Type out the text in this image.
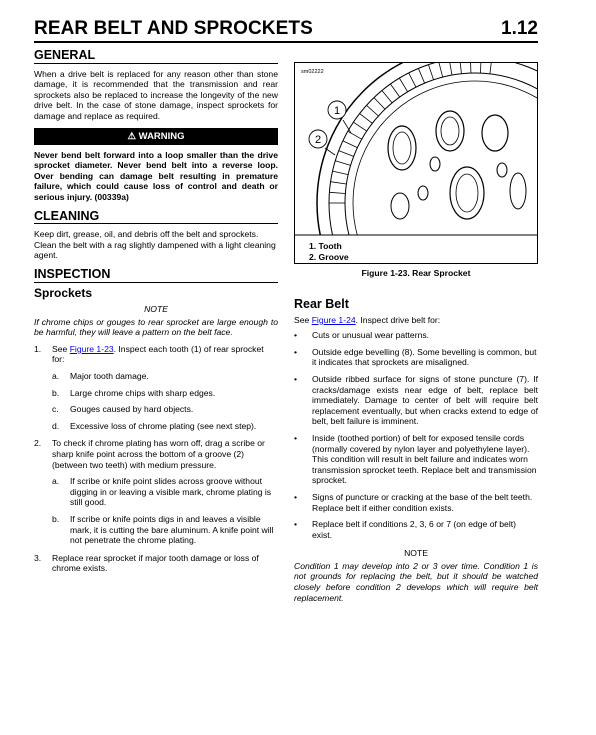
REAR BELT AND SPROCKETS	1.12
GENERAL

When a drive belt is replaced for any reason other than stone damage, it is recommended that the transmission and rear sprockets also be replaced to increase the longevity of the new drive belt. In the case of stone damage, inspect sprockets for damage and replace as required.

⚠ WARNING

Never bend belt forward into a loop smaller than the drive sprocket diameter. Never bend belt into a reverse loop. Over bending can damage belt resulting in premature failure, which could cause loss of control and death or serious injury. (00339a)

CLEANING

Keep dirt, grease, oil, and debris off the belt and sprockets. Clean the belt with a rag slightly dampened with a light cleaning agent.

INSPECTION
Sprockets
NOTE

If chrome chips or gouges to rear sprocket are large enough to be harmful, they will leave a pattern on the belt face.

1. See Figure 1-23. Inspect each tooth (1) of rear sprocket for:
a. Major tooth damage.
b. Large chrome chips with sharp edges.
c. Gouges caused by hard objects.
d. Excessive loss of chrome plating (see next step).
2. To check if chrome plating has worn off, drag a scribe or sharp knife point across the bottom of a groove (2) (between two teeth) with medium pressure.
a. If scribe or knife point slides across groove without digging in or leaving a visible mark, chrome plating is still good.
b. If scribe or knife points digs in and leaves a visible mark, it is cutting the bare aluminum. A knife point will not penetrate the chrome plating.
3. Replace rear sprocket if major tooth damage or loss of chrome exists.
sm02222
1
2
1. Tooth
2. Groove
Figure 1-23. Rear Sprocket
Rear Belt

See Figure 1-24. Inspect drive belt for:

• Cuts or unusual wear patterns.
• Outside edge bevelling (8). Some bevelling is common, but it indicates that sprockets are misaligned.
• Outside ribbed surface for signs of stone puncture (7). If cracks/damage exists near edge of belt, replace belt immediately. Damage to center of belt will require belt replacement eventually, but when cracks extend to edge of belt, belt failure is imminent.
• Inside (toothed portion) of belt for exposed tensile cords (normally covered by nylon layer and polyethylene layer). This condition will result in belt failure and indicates worn transmission sprocket teeth. Replace belt and transmission sprocket.
• Signs of puncture or cracking at the base of the belt teeth. Replace belt if either condition exists.
• Replace belt if conditions 2, 3, 6 or 7 (on edge of belt) exist.
NOTE

Condition 1 may develop into 2 or 3 over time. Condition 1 is not grounds for replacing the belt, but it should be watched closely before condition 2 develops which will require belt replacement.
